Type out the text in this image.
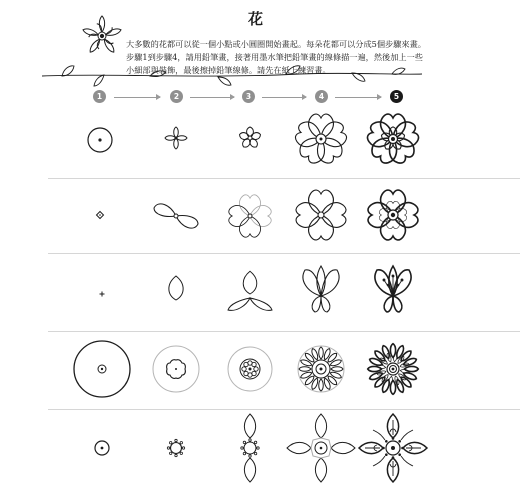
花
大多數的花都可以從一個小點或小圓圈開始畫起。每朵花都可以分成5個步驟來畫。步驟1到步驟4，請用鉛筆畫，接著用墨水筆把鉛筆畫的線條描一遍，然後加上一些小細部與裝飾，最後擦掉鉛筆線條。請先在紙上練習畫。
1	2	3	4	5
